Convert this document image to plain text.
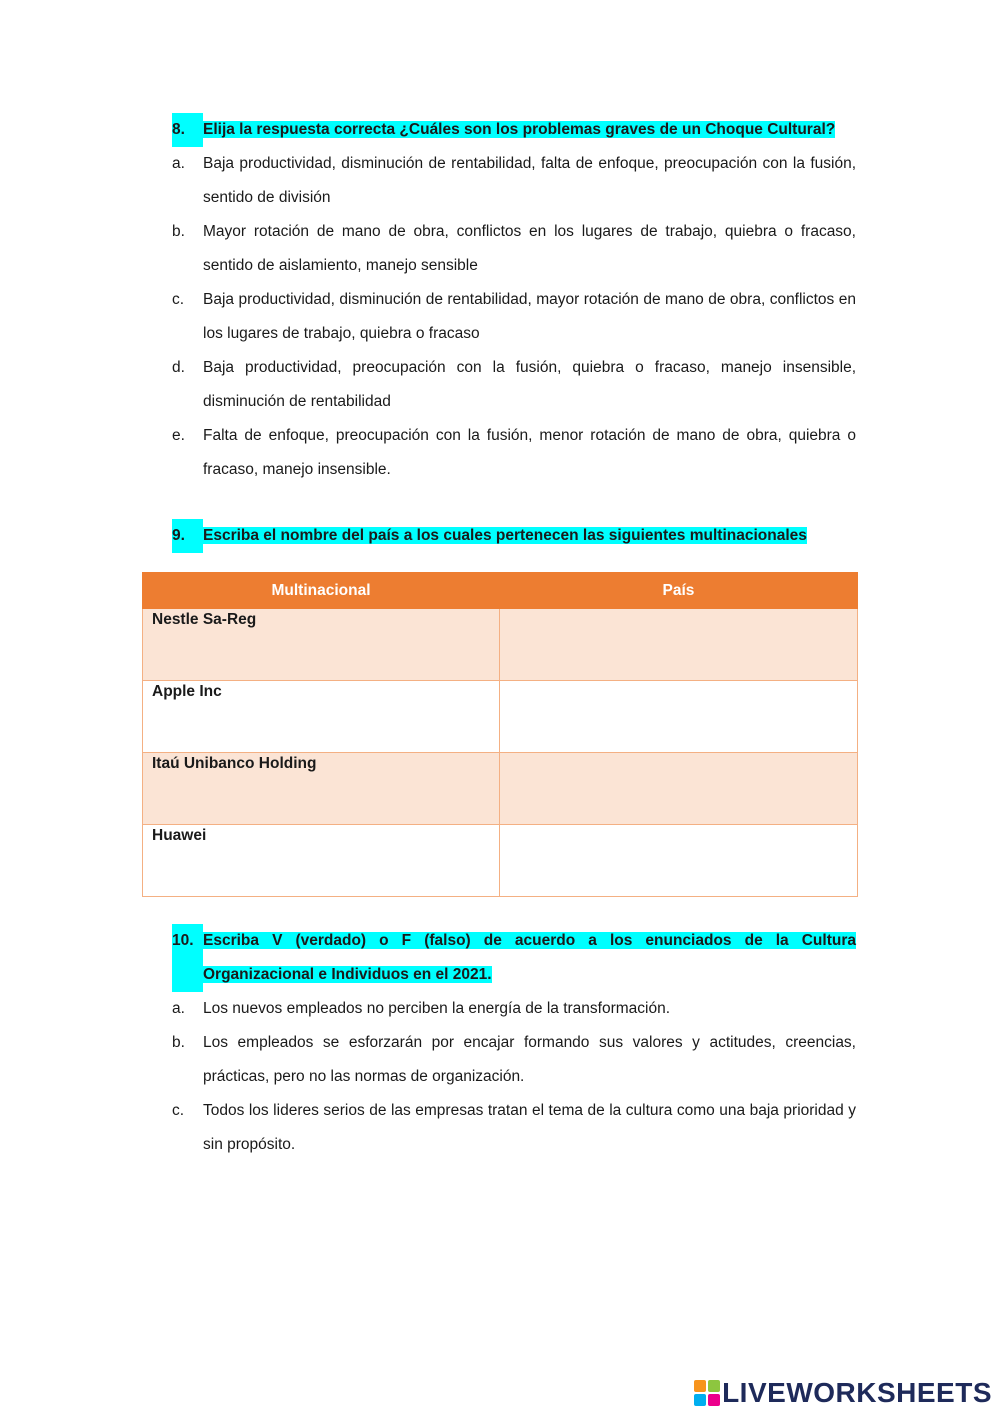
8.	Elija la respuesta correcta ¿Cuáles son los problemas graves de un Choque Cultural?
a.	Baja productividad, disminución de rentabilidad, falta de enfoque, preocupación con la fusión, sentido de división
b.	Mayor rotación de mano de obra, conflictos en los lugares de trabajo, quiebra o fracaso, sentido de aislamiento, manejo sensible
c.	Baja productividad, disminución de rentabilidad, mayor rotación de mano de obra, conflictos en los lugares de trabajo, quiebra o fracaso
d.	Baja productividad, preocupación con la fusión, quiebra o fracaso, manejo insensible, disminución de rentabilidad
e.	Falta de enfoque, preocupación con la fusión, menor rotación de mano de obra, quiebra o fracaso, manejo insensible.
9.	Escriba el nombre del país a los cuales pertenecen las siguientes multinacionales
Multinacional	País
Nestle Sa-Reg	
Apple Inc	
Itaú Unibanco Holding	
Huawei	
10. Escriba V (verdado) o F (falso) de acuerdo a los enunciados de la Cultura Organizacional e Individuos en el 2021.
a.	Los nuevos empleados no perciben la energía de la transformación.
b.	Los empleados se esforzarán por encajar formando sus valores y actitudes, creencias, prácticas, pero no las normas de organización.
c.	Todos los lideres serios de las empresas tratan el tema de la cultura como una baja prioridad y sin propósito.
LIVEWORKSHEETS
